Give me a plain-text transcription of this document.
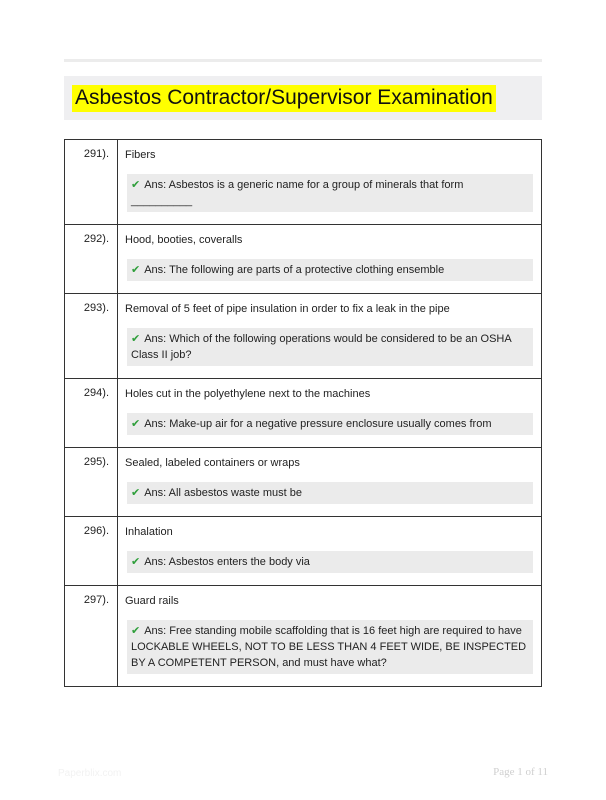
Asbestos Contractor/Supervisor Examination
291).	Fibers
✔ Ans: Asbestos is a generic name for a group of minerals that form __________

292).	Hood, booties, coveralls
✔ Ans: The following are parts of a protective clothing ensemble

293).	Removal of 5 feet of pipe insulation in order to fix a leak in the pipe
✔ Ans: Which of the following operations would be considered to be an OSHA Class II job?

294).	Holes cut in the polyethylene next to the machines
✔ Ans: Make-up air for a negative pressure enclosure usually comes from

295).	Sealed, labeled containers or wraps
✔ Ans: All asbestos waste must be

296).	Inhalation
✔ Ans: Asbestos enters the body via

297).	Guard rails
✔ Ans: Free standing mobile scaffolding that is 16 feet high are required to have LOCKABLE WHEELS, NOT TO BE LESS THAN 4 FEET WIDE, BE INSPECTED BY A COMPETENT PERSON, and must have what?
Paperblix.com	Page 1 of 11
